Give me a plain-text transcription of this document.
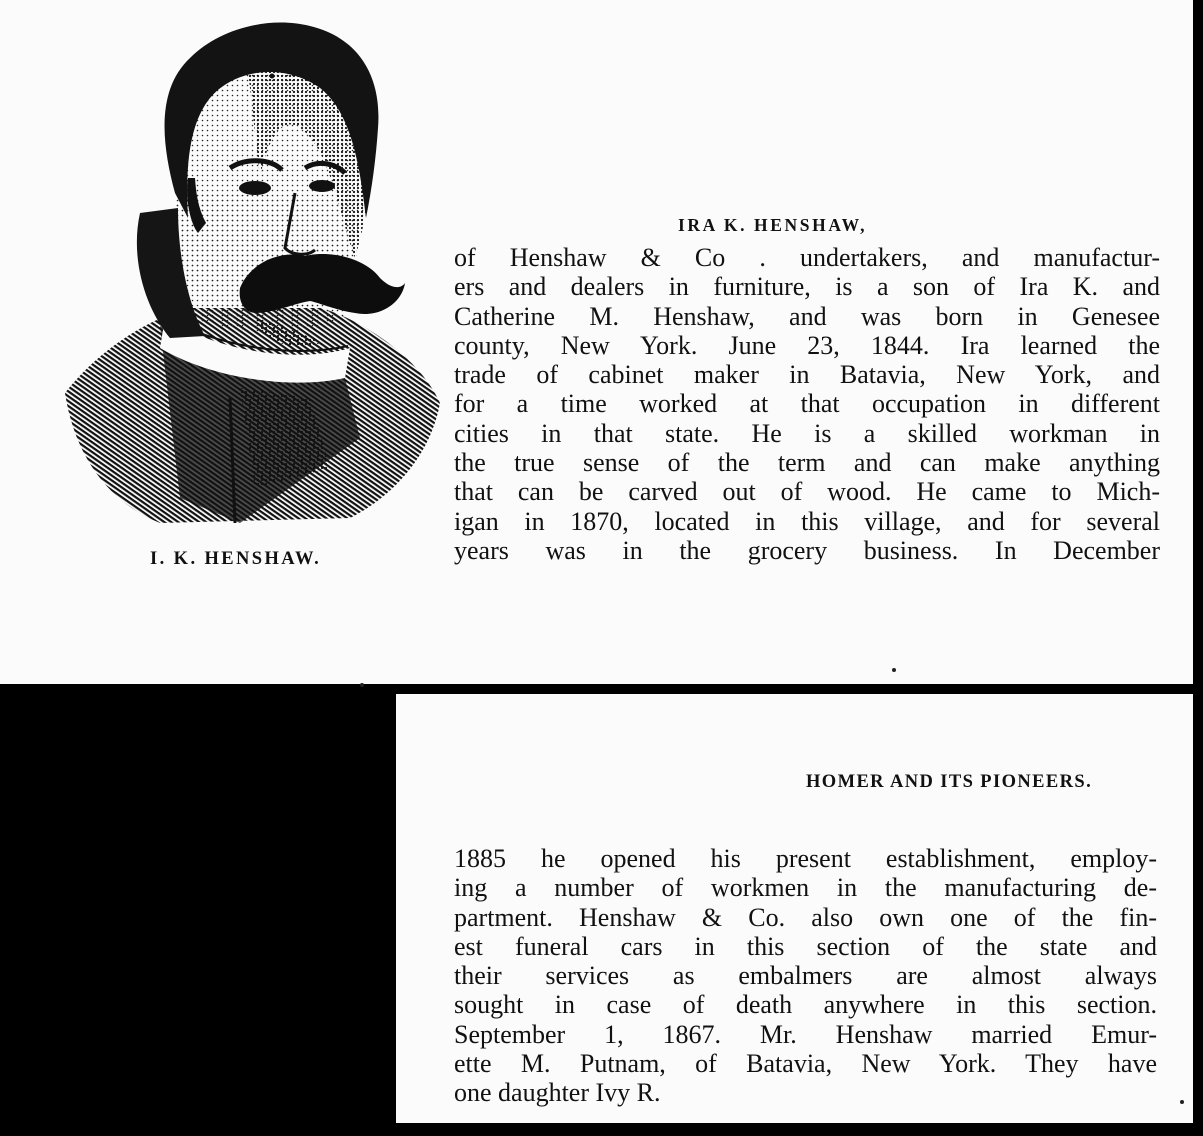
I. K. HENSHAW.
IRA K. HENSHAW,
of Henshaw & Co . undertakers, and manufactur-
ers and dealers in furniture, is a son of Ira K. and
Catherine M. Henshaw, and was born in Genesee
county, New York. June 23, 1844. Ira learned the
trade of cabinet maker in Batavia, New York, and
for a time worked at that occupation in different
cities in that state. He is a skilled workman in
the true sense of the term and can make anything
that can be carved out of wood. He came to Mich-
igan in 1870, located in this village, and for several
years was in the grocery business. In December
HOMER AND ITS PIONEERS.
1885 he opened his present establishment, employ-
ing a number of workmen in the manufacturing de-
partment. Henshaw & Co. also own one of the fin-
est funeral cars in this section of the state and
their services as embalmers are almost always
sought in case of death anywhere in this section.
September 1, 1867. Mr. Henshaw married Emur-
ette M. Putnam, of Batavia, New York. They have
one daughter Ivy R.
